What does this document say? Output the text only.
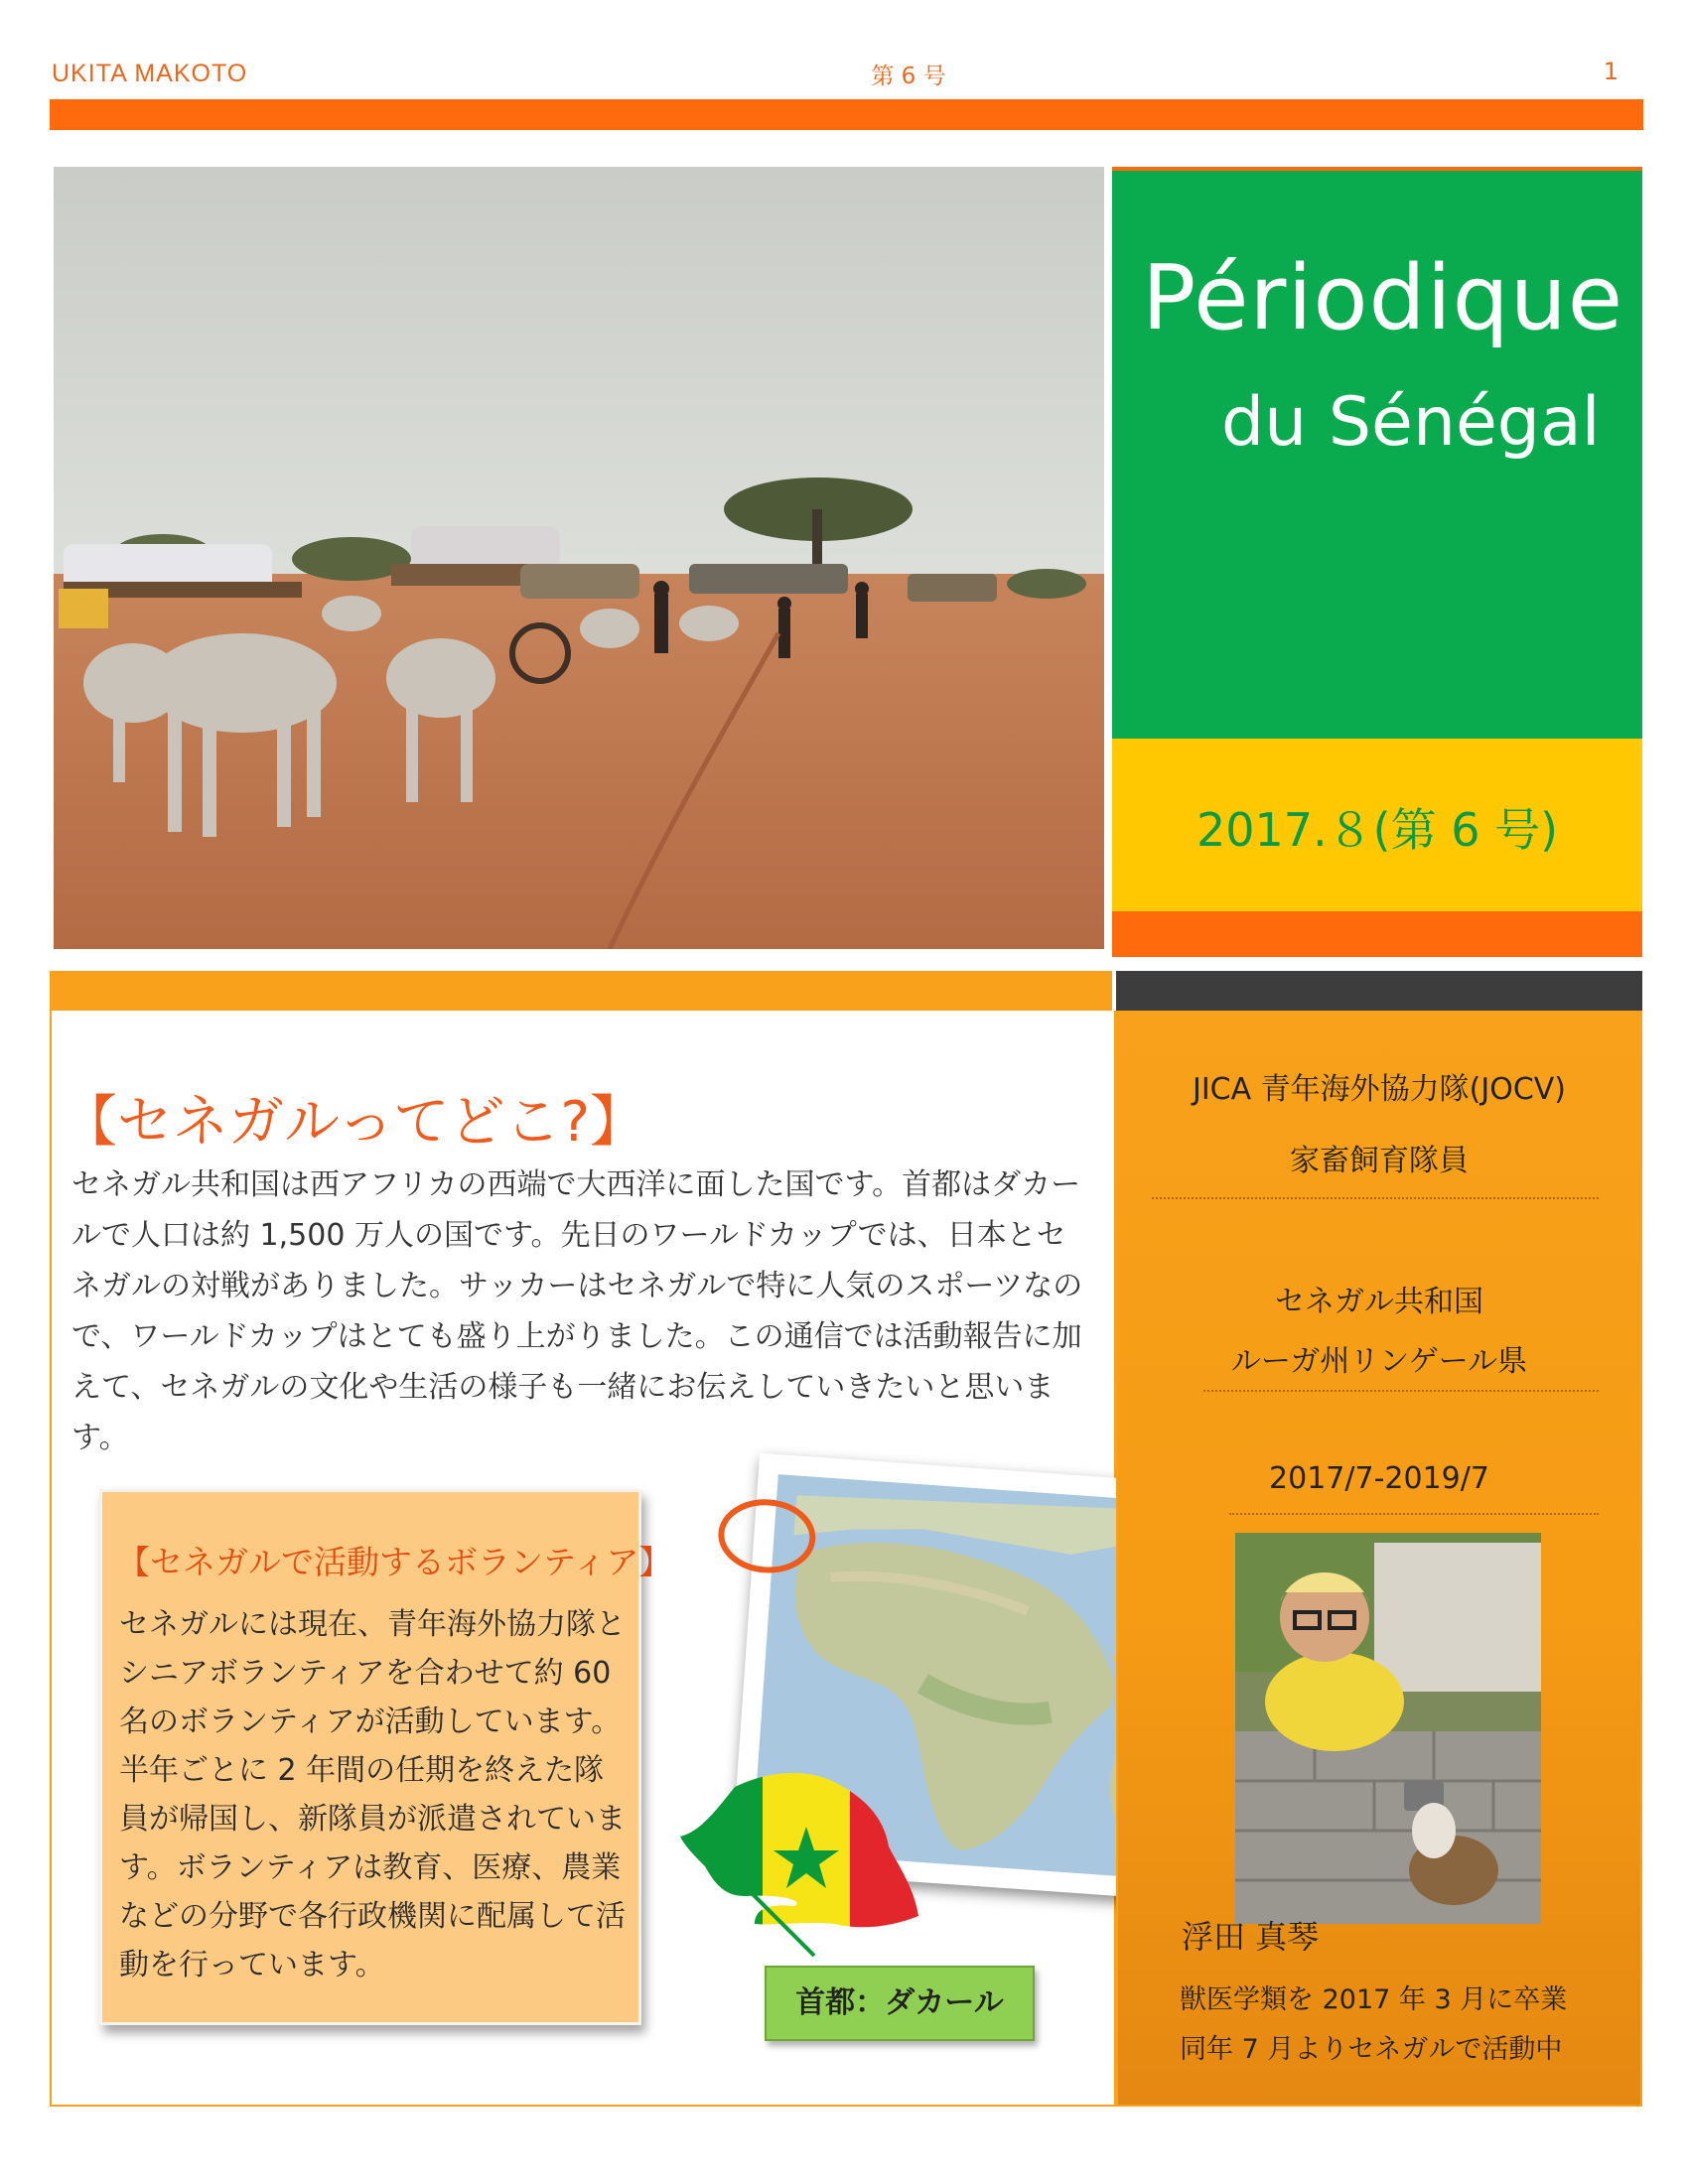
UKITA MAKOTO	第 6 号	1
Périodique
du Sénégal
2017.８(第 6 号)
【セネガルってどこ?】
セネガル共和国は西アフリカの西端で大西洋に面した国です。首都はダカールで人口は約 1,500 万人の国です。先日のワールドカップでは、日本とセネガルの対戦がありました。サッカーはセネガルで特に人気のスポーツなので、ワールドカップはとても盛り上がりました。この通信では活動報告に加えて、セネガルの文化や生活の様子も一緒にお伝えしていきたいと思います。
【セネガルで活動するボランティア】
セネガルには現在、青年海外協力隊とシニアボランティアを合わせて約 60 名のボランティアが活動しています。半年ごとに 2 年間の任期を終えた隊員が帰国し、新隊員が派遣されています。ボランティアは教育、医療、農業などの分野で各行政機関に配属して活動を行っています。
首都：ダカール
JICA 青年海外協力隊(JOCV)
家畜飼育隊員
セネガル共和国
ルーガ州リンゲール県
2017/7-2019/7
浮田 真琴
獣医学類を 2017 年 3 月に卒業
同年 7 月よりセネガルで活動中
